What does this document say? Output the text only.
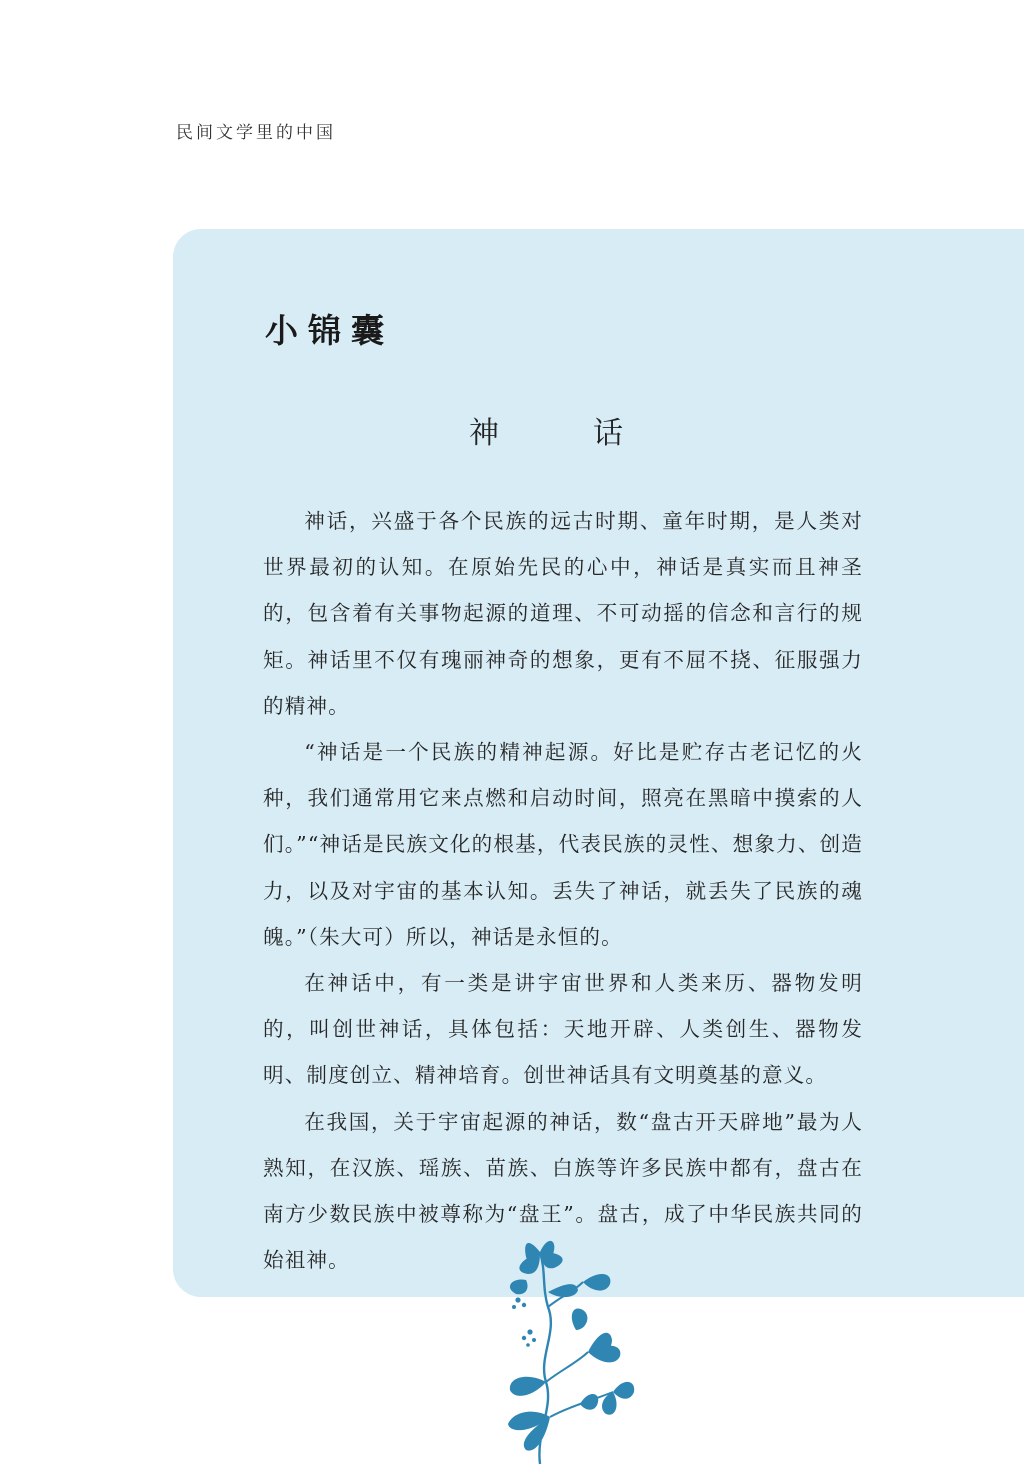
民间文学里的中国
小锦囊
神　话

神话，兴盛于各个民族的远古时期、童年时期，是人类对世界最初的认知。在原始先民的心中，神话是真实而且神圣的，包含着有关事物起源的道理、不可动摇的信念和言行的规矩。神话里不仅有瑰丽神奇的想象，更有不屈不挠、征服强力的精神。

“神话是一个民族的精神起源。好比是贮存古老记忆的火种，我们通常用它来点燃和启动时间，照亮在黑暗中摸索的人们。”“神话是民族文化的根基，代表民族的灵性、想象力、创造力，以及对宇宙的基本认知。丢失了神话，就丢失了民族的魂魄。”（朱大可）所以，神话是永恒的。

在神话中，有一类是讲宇宙世界和人类来历、器物发明的，叫创世神话，具体包括：天地开辟、人类创生、器物发明、制度创立、精神培育。创世神话具有文明奠基的意义。

在我国，关于宇宙起源的神话，数“盘古开天辟地”最为人熟知，在汉族、瑶族、苗族、白族等许多民族中都有，盘古在南方少数民族中被尊称为“盘王”。盘古，成了中华民族共同的始祖神。
